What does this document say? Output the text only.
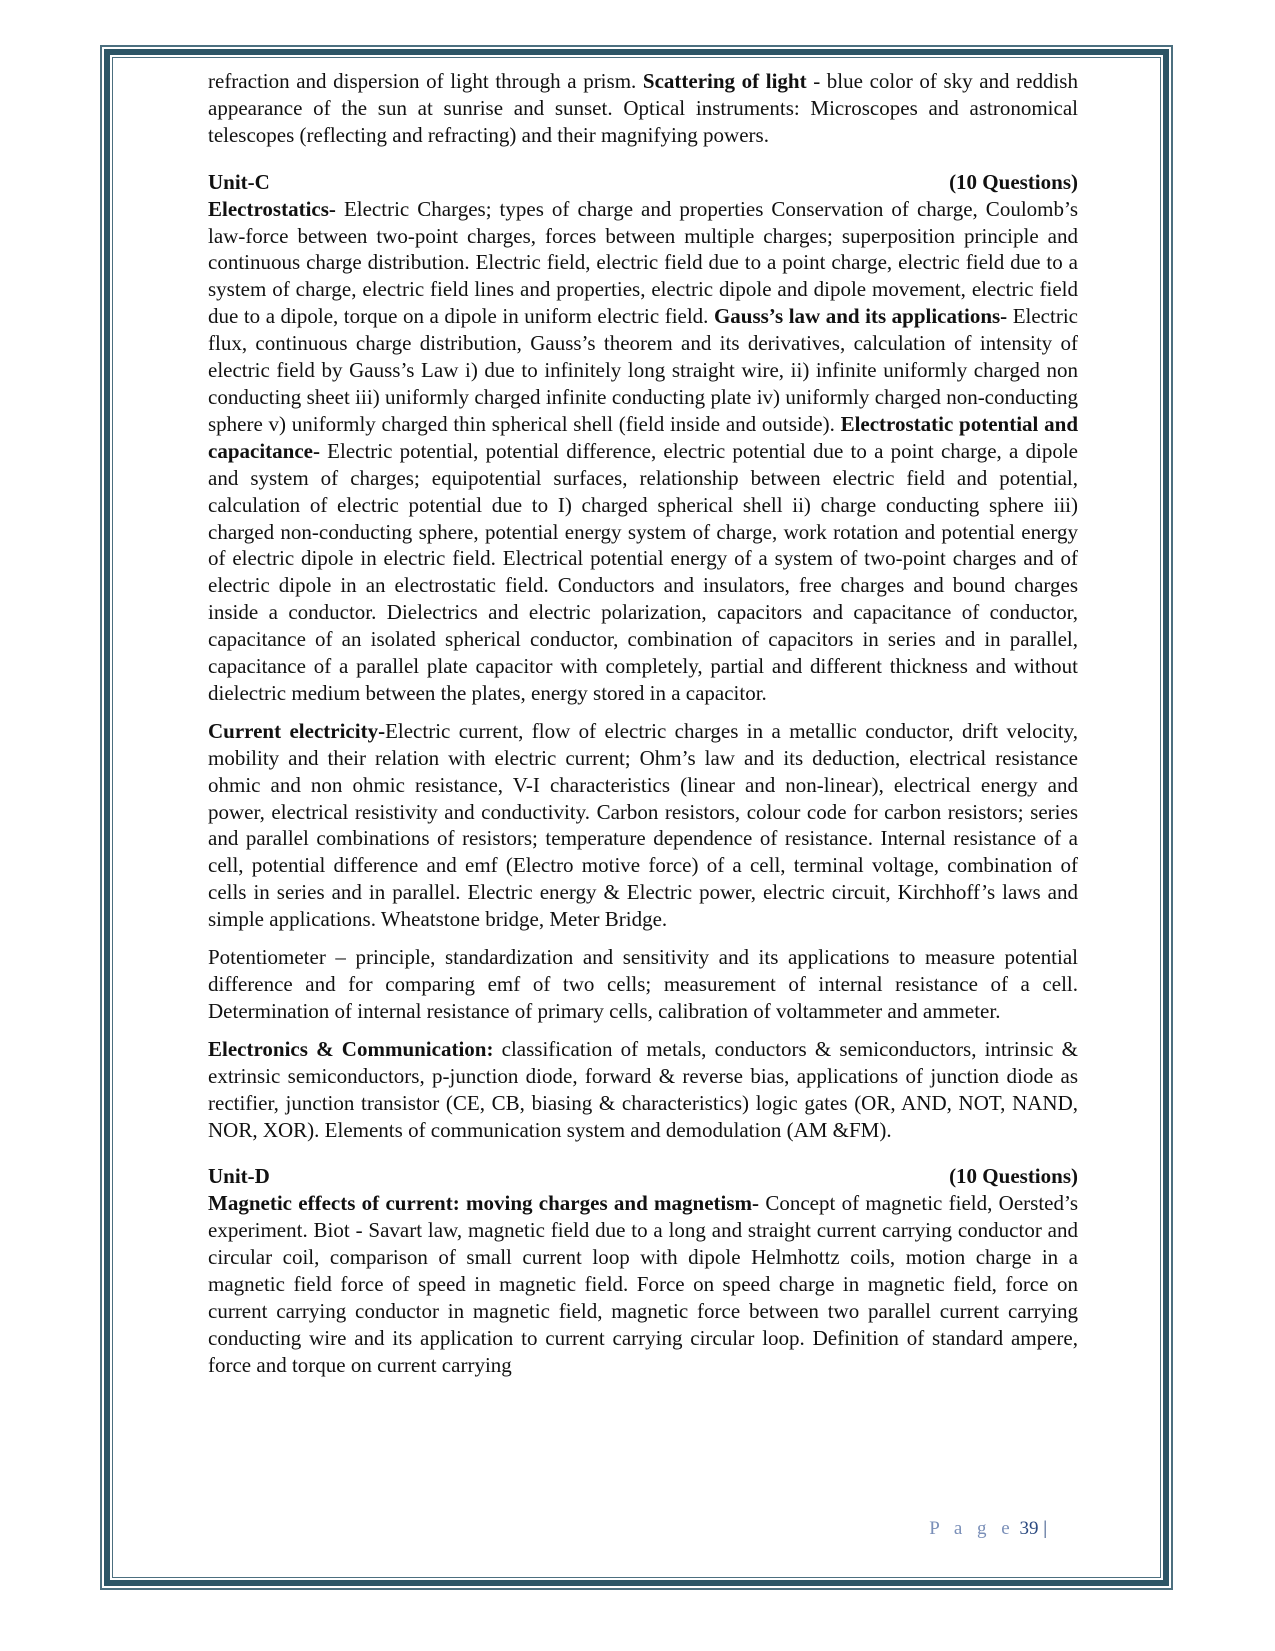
refraction and dispersion of light through a prism. Scattering of light - blue color of sky and reddish appearance of the sun at sunrise and sunset. Optical instruments: Microscopes and astronomical telescopes (reflecting and refracting) and their magnifying powers.

Unit-C	(10 Questions)

Electrostatics- Electric Charges; types of charge and properties Conservation of charge, Coulomb’s law-force between two-point charges, forces between multiple charges; superposition principle and continuous charge distribution. Electric field, electric field due to a point charge, electric field due to a system of charge, electric field lines and properties, electric dipole and dipole movement, electric field due to a dipole, torque on a dipole in uniform electric field. Gauss’s law and its applications- Electric flux, continuous charge distribution, Gauss’s theorem and its derivatives, calculation of intensity of electric field by Gauss’s Law i) due to infinitely long straight wire, ii) infinite uniformly charged non conducting sheet iii) uniformly charged infinite conducting plate iv) uniformly charged non-conducting sphere v) uniformly charged thin spherical shell (field inside and outside). Electrostatic potential and capacitance- Electric potential, potential difference, electric potential due to a point charge, a dipole and system of charges; equipotential surfaces, relationship between electric field and potential, calculation of electric potential due to I) charged spherical shell ii) charge conducting sphere iii) charged non-conducting sphere, potential energy system of charge, work rotation and potential energy of electric dipole in electric field. Electrical potential energy of a system of two-point charges and of electric dipole in an electrostatic field. Conductors and insulators, free charges and bound charges inside a conductor. Dielectrics and electric polarization, capacitors and capacitance of conductor, capacitance of an isolated spherical conductor, combination of capacitors in series and in parallel, capacitance of a parallel plate capacitor with completely, partial and different thickness and without dielectric medium between the plates, energy stored in a capacitor.

Current electricity-Electric current, flow of electric charges in a metallic conductor, drift velocity, mobility and their relation with electric current; Ohm’s law and its deduction, electrical resistance ohmic and non ohmic resistance, V-I characteristics (linear and non-linear), electrical energy and power, electrical resistivity and conductivity. Carbon resistors, colour code for carbon resistors; series and parallel combinations of resistors; temperature dependence of resistance. Internal resistance of a cell, potential difference and emf (Electro motive force) of a cell, terminal voltage, combination of cells in series and in parallel. Electric energy & Electric power, electric circuit, Kirchhoff’s laws and simple applications. Wheatstone bridge, Meter Bridge.

Potentiometer – principle, standardization and sensitivity and its applications to measure potential difference and for comparing emf of two cells; measurement of internal resistance of a cell. Determination of internal resistance of primary cells, calibration of voltammeter and ammeter.

Electronics & Communication: classification of metals, conductors & semiconductors, intrinsic & extrinsic semiconductors, p-junction diode, forward & reverse bias, applications of junction diode as rectifier, junction transistor (CE, CB, biasing & characteristics) logic gates (OR, AND, NOT, NAND, NOR, XOR). Elements of communication system and demodulation (AM &FM).

Unit-D	(10 Questions)

Magnetic effects of current: moving charges and magnetism- Concept of magnetic field, Oersted’s experiment. Biot - Savart law, magnetic field due to a long and straight current carrying conductor and circular coil, comparison of small current loop with dipole Helmhottz coils, motion charge in a magnetic field force of speed in magnetic field. Force on speed charge in magnetic field, force on current carrying conductor in magnetic field, magnetic force between two parallel current carrying conducting wire and its application to current carrying circular loop. Definition of standard ampere, force and torque on current carrying

P a g e 39 |
